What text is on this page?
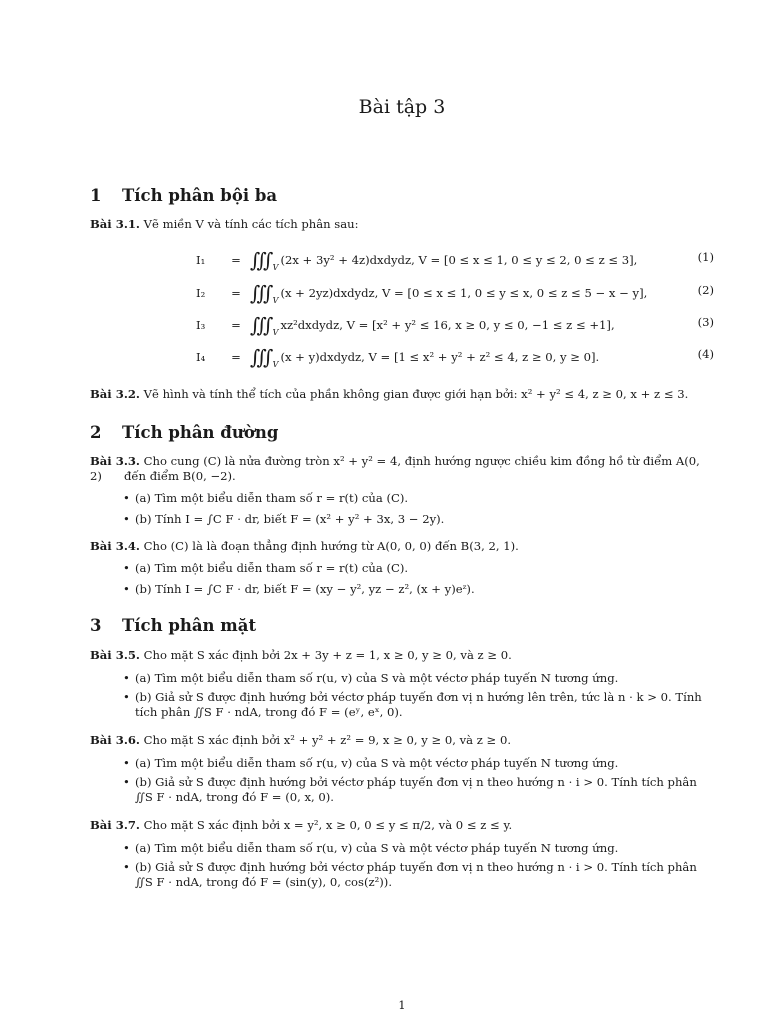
Bài tập 3
1 Tích phân bội ba
Bài 3.1. Vẽ miền V và tính các tích phân sau:
I₁ = ∭ $_V$(2x + 3y² + 4z)dxdydz, V = [0 ≤ x ≤ 1, 0 ≤ y ≤ 2, 0 ≤ z ≤ 3],	(1)
I₂ = ∭ $_V$(x + 2yz)dxdydz, V = [0 ≤ x ≤ 1, 0 ≤ y ≤ x, 0 ≤ z ≤ 5 − x − y],	(2)
I₃ = ∭ $_V$xz²dxdydz, V = [x² + y² ≤ 16, x ≥ 0, y ≤ 0, −1 ≤ z ≤ +1],	(3)
I₄ = ∭ $_V$(x + y)dxdydz, V = [1 ≤ x² + y² + z² ≤ 4, z ≥ 0, y ≥ 0].	(4)
Bài 3.2. Vẽ hình và tính thể tích của phần không gian được giới hạn bởi: x² + y² ≤ 4, z ≥ 0, x + z ≤ 3.
2 Tích phân đường
Bài 3.3. Cho cung (C) là nửa đường tròn x² + y² = 4, định hướng ngược chiều kim đồng hồ từ điểm A(0, 2)	đến điểm B(0, −2).
• (a) Tìm một biểu diễn tham số r = r(t) của (C).
• (b) Tính I = ∫C F · dr, biết F = (x² + y² + 3x, 3 − 2y).
Bài 3.4. Cho (C) là là đoạn thẳng định hướng từ A(0, 0, 0) đến B(3, 2, 1).
• (a) Tìm một biểu diễn tham số r = r(t) của (C).
• (b) Tính I = ∫C F · dr, biết F = (xy − y², yz − z², (x + y)eᶻ).
3 Tích phân mặt
Bài 3.5. Cho mặt S xác định bởi 2x + 3y + z = 1, x ≥ 0, y ≥ 0, và z ≥ 0.
• (a) Tìm một biểu diễn tham số r(u, v) của S và một véctơ pháp tuyến N tương ứng.
• (b) Giả sử S được định hướng bởi véctơ pháp tuyến đơn vị n hướng lên trên, tức là n · k > 0. Tính
tích phân ∬S F · ndA, trong đó F = (eʸ, eˣ, 0).
Bài 3.6. Cho mặt S xác định bởi x² + y² + z² = 9, x ≥ 0, y ≥ 0, và z ≥ 0.
• (a) Tìm một biểu diễn tham số r(u, v) của S và một véctơ pháp tuyến N tương ứng.
• (b) Giả sử S được định hướng bởi véctơ pháp tuyến đơn vị n theo hướng n · i > 0. Tính tích phân
∬S F · ndA, trong đó F = (0, x, 0).
Bài 3.7. Cho mặt S xác định bởi x = y², x ≥ 0, 0 ≤ y ≤ π/2, và 0 ≤ z ≤ y.
• (a) Tìm một biểu diễn tham số r(u, v) của S và một véctơ pháp tuyến N tương ứng.
• (b) Giả sử S được định hướng bởi véctơ pháp tuyến đơn vị n theo hướng n · i > 0. Tính tích phân
∬S F · ndA, trong đó F = (sin(y), 0, cos(z²)).
1
